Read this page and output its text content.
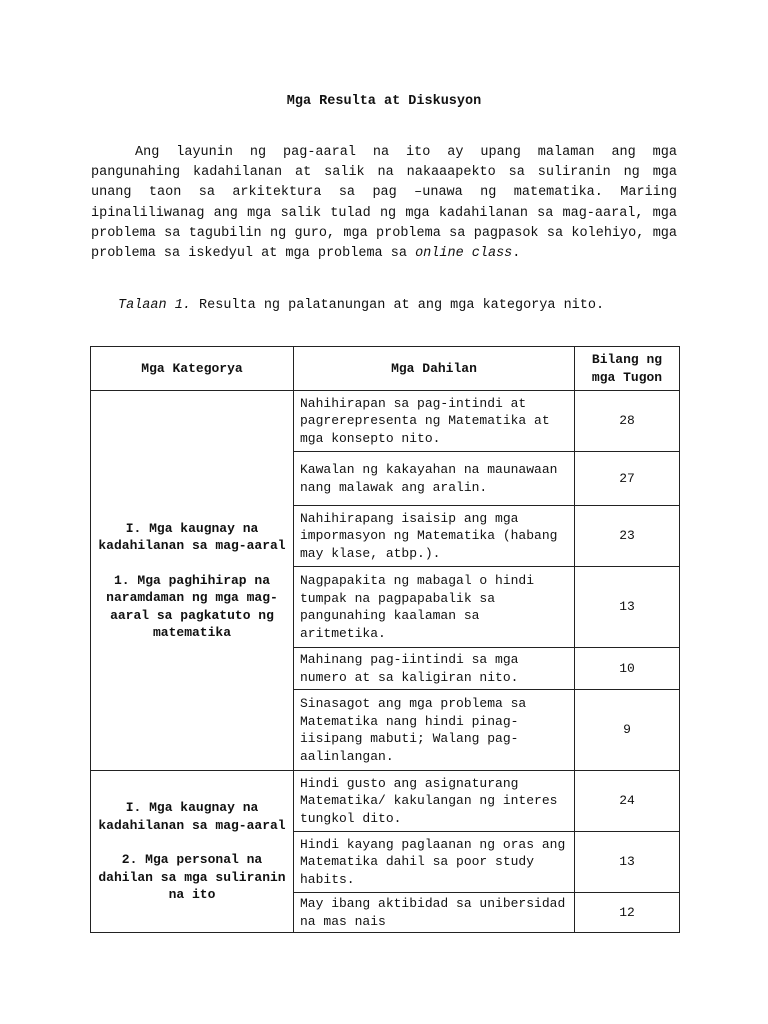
Mga Resulta at Diskusyon

Ang layunin ng pag-aaral na ito ay upang malaman ang mga pangunahing kadahilanan at salik na nakaaapekto sa suliranin ng mga unang taon sa arkitektura sa pag –unawa ng matematika. Mariing ipinaliliwanag ang mga salik tulad ng mga kadahilanan sa mag-aaral, mga problema sa tagubilin ng guro, mga problema sa pagpasok sa kolehiyo, mga problema sa iskedyul at mga problema sa online class.

Talaan 1. Resulta ng palatanungan at ang mga kategorya nito.

Mga Kategorya	Mga Dahilan	Bilang ng mga Tugon

I. Mga kaugnay na kadahilanan sa mag-aaral
1. Mga paghihirap na naramdaman ng mga mag-aaral sa pagkatuto ng matematika	Nahihirapan sa pag-intindi at pagrerepresenta ng Matematika at mga konsepto nito.	28
	Kawalan ng kakayahan na maunawaan nang malawak ang aralin.	27
	Nahihirapang isaisip ang mga impormasyon ng Matematika (habang may klase, atbp.).	23
	Nagpapakita ng mabagal o hindi tumpak na pagpapabalik sa pangunahing kaalaman sa aritmetika.	13
	Mahinang pag-iintindi sa mga numero at sa kaligiran nito.	10
	Sinasagot ang mga problema sa Matematika nang hindi pinag-iisipang mabuti; Walang pag-aalinlangan.	9

I. Mga kaugnay na kadahilanan sa mag-aaral
2. Mga personal na dahilan sa mga suliranin na ito	Hindi gusto ang asignaturang Matematika/ kakulangan ng interes tungkol dito.	24
	Hindi kayang paglaanan ng oras ang Matematika dahil sa poor study habits.	13
	May ibang aktibidad sa unibersidad na mas nais	12
